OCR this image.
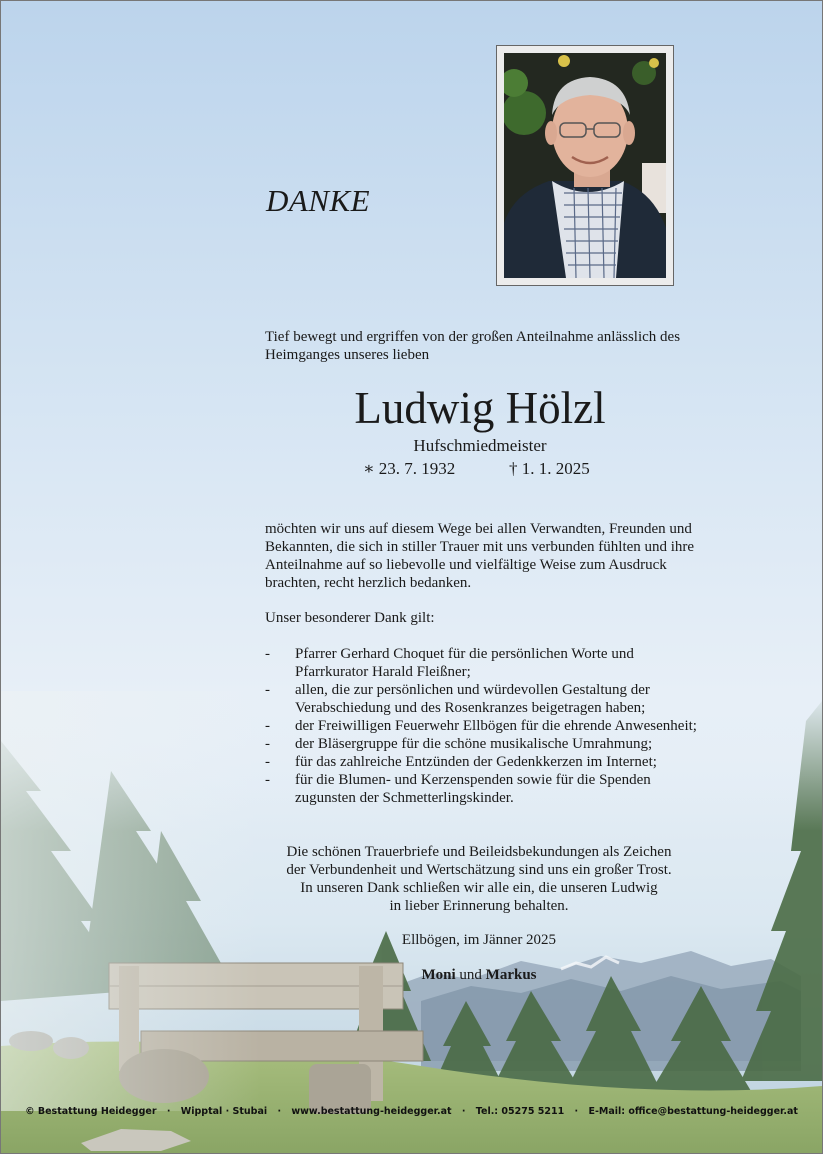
DANKE
Tief bewegt und ergriffen von der großen Anteilnahme anlässlich des Heimganges unseres lieben
Ludwig Hölzl
Hufschmiedmeister
∗ 23. 7. 1932	† 1. 1. 2025
möchten wir uns auf diesem Wege bei allen Verwandten, Freunden und Bekannten, die sich in stiller Trauer mit uns verbunden fühlten und ihre Anteilnahme auf so liebevolle und vielfältige Weise zum Ausdruck brachten, recht herzlich bedanken.
Unser besonderer Dank gilt:
- Pfarrer Gerhard Choquet für die persönlichen Worte und Pfarrkurator Harald Fleißner;
- allen, die zur persönlichen und würdevollen Gestaltung der Verabschiedung und des Rosenkranzes beigetragen haben;
- der Freiwilligen Feuerwehr Ellbögen für die ehrende Anwesenheit;
- der Bläsergruppe für die schöne musikalische Umrahmung;
- für das zahlreiche Entzünden der Gedenkkerzen im Internet;
- für die Blumen- und Kerzenspenden sowie für die Spenden zugunsten der Schmetterlingskinder.
Die schönen Trauerbriefe und Beileidsbekundungen als Zeichen
der Verbundenheit und Wertschätzung sind uns ein großer Trost.
In unseren Dank schließen wir alle ein, die unseren Ludwig
in lieber Erinnerung behalten.
Ellbögen, im Jänner 2025
Moni und Markus
© Bestattung Heidegger · Wipptal · Stubai · www.bestattung-heidegger.at · Tel.: 05275 5211 · E-Mail: office@bestattung-heidegger.at
